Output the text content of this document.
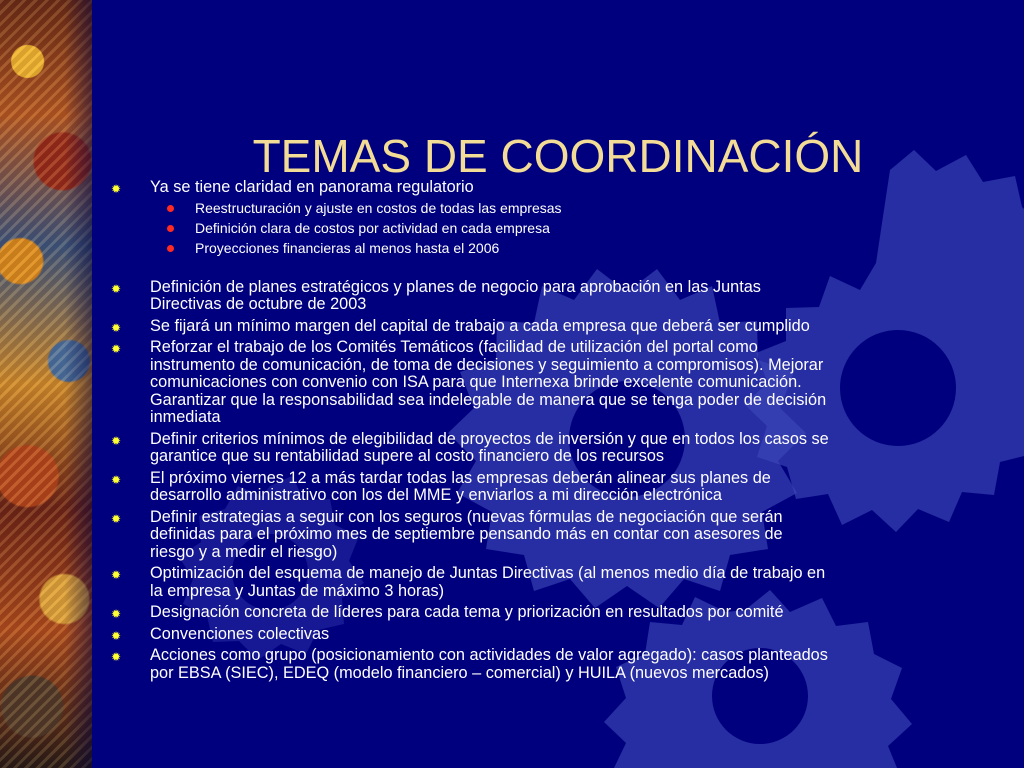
TEMAS DE COORDINACIÓN
✹ Ya se tiene claridad en panorama regulatorio
Reestructuración y ajuste en costos de todas las empresas
Definición clara de costos por actividad en cada empresa
Proyecciones financieras al menos hasta el 2006
✹ Definición de planes estratégicos y planes de negocio para aprobación en las Juntas
Directivas de octubre de 2003
✹ Se fijará un mínimo margen del capital de trabajo a cada empresa que deberá ser cumplido
✹ Reforzar el trabajo de los Comités Temáticos (facilidad de utilización del portal como
instrumento de comunicación, de toma de decisiones y seguimiento a compromisos). Mejorar
comunicaciones con convenio con ISA para que Internexa brinde excelente comunicación.
Garantizar que la responsabilidad sea indelegable de manera que se tenga poder de decisión
inmediata
✹ Definir criterios mínimos de elegibilidad de proyectos de inversión y que en todos los casos se
garantice que su rentabilidad supere al costo financiero de los recursos
✹ El próximo viernes 12 a más tardar todas las empresas deberán alinear sus planes de
desarrollo administrativo con los del MME y enviarlos a mi dirección electrónica
✹ Definir estrategias a seguir con los seguros (nuevas fórmulas de negociación que serán
definidas para el próximo mes de septiembre pensando más en contar con asesores de
riesgo y a medir el riesgo)
✹ Optimización del esquema de manejo de Juntas Directivas (al menos medio día de trabajo en
la empresa y Juntas de máximo 3 horas)
✹ Designación concreta de líderes para cada tema y priorización en resultados por comité
✹ Convenciones colectivas
✹ Acciones como grupo (posicionamiento con actividades de valor agregado): casos planteados
por EBSA (SIEC), EDEQ (modelo financiero – comercial) y HUILA (nuevos mercados)
